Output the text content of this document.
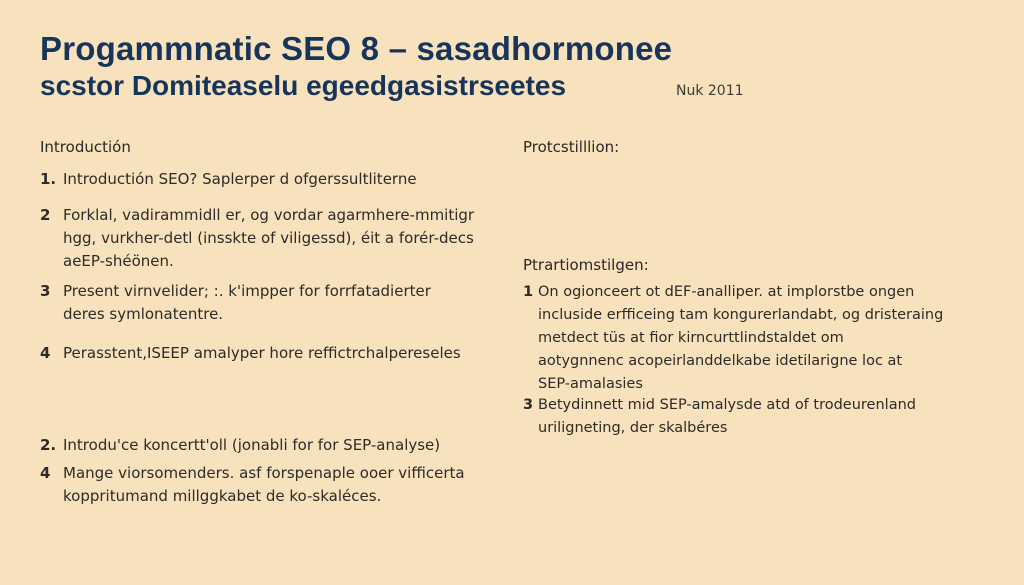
Progammnatic SEO 8 – sasadhormonee
scstor Domiteaselu egeedgasistrseetes	Nuk 2011
Introductión
1. Introductión SEO? Saplerper d ofgerssultliterne
2 Forklal, vadirammidll er, og vordar agarmhere-mmitigr
hgg, vurkher-detl (insskte of viligessd), éit a forér-decs
aeEP-shéönen.
3 Present virnvelider; :. k'impper for forrfatadierter
deres symlonatentre.
4 Perasstent,ISEEP amalyper hore reffictrchalpereseles
2. Introdu'ce koncertt'oll (jonabli for for SEP-analyse)
4 Mange viorsomenders. asf forspenaple ooer vifficerta
koppritumand millggkabet de ko-skaléces.
Protcstilllion:
Ptrartiomstilgen:
1 On ogionceert ot dEF-analliper. at implorstbe ongen
incluside erfficeing tam kongurerlandabt, og dristeraing
metdect tüs at fior kirncurttlindstaldet om
aotygnnenc acopeirlanddelkabe idetilarigne loc at
SEP-amalasies
3 Betydinnett mid SEP-amalysde atd of trodeurenland
uriligneting, der skalbéres
